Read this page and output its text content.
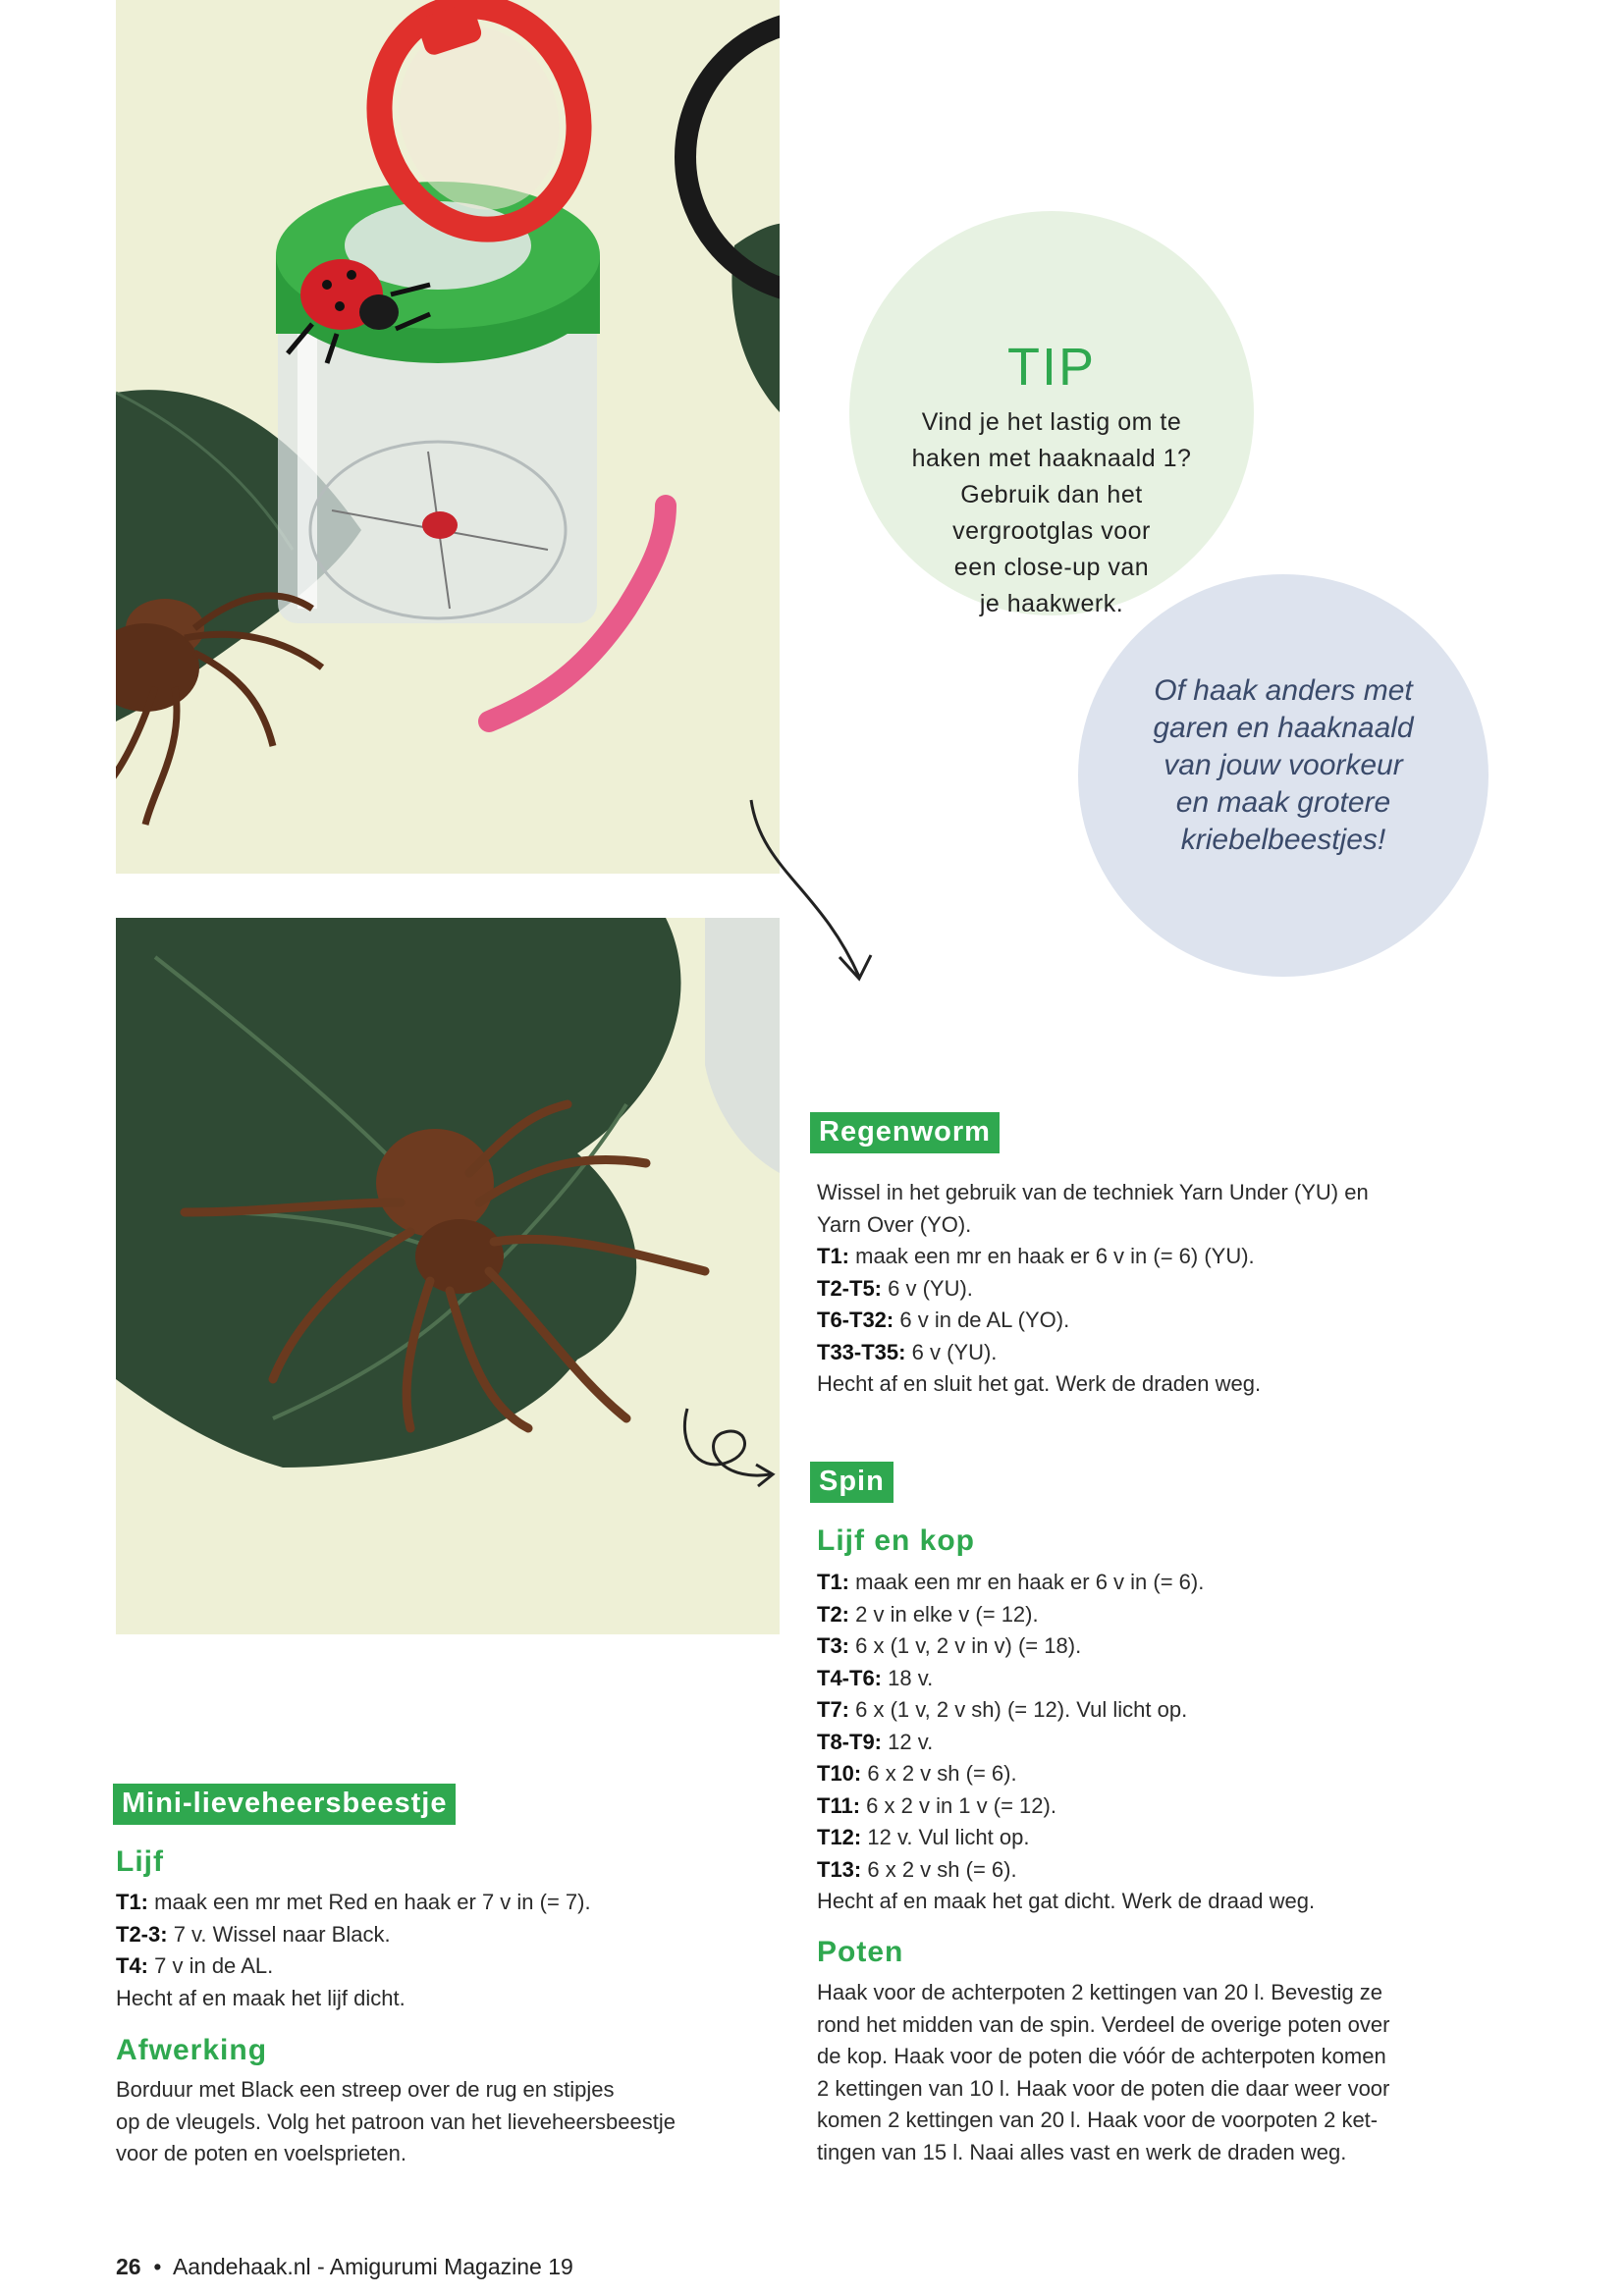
TIP
Vind je het lastig om te
haken met haaknaald 1?
Gebruik dan het
vergrootglas voor
een close-up van
je haakwerk.
Of haak anders met
garen en haaknaald
van jouw voorkeur
en maak grotere
kriebelbeestjes!
Regenworm
Wissel in het gebruik van de techniek Yarn Under (YU) en
Yarn Over (YO).
T1: maak een mr en haak er 6 v in (= 6) (YU).
T2-T5: 6 v (YU).
T6-T32: 6 v in de AL (YO).
T33-T35: 6 v (YU).
Hecht af en sluit het gat. Werk de draden weg.
Spin
Lijf en kop
T1: maak een mr en haak er 6 v in (= 6).
T2: 2 v in elke v (= 12).
T3: 6 x (1 v, 2 v in v) (= 18).
T4-T6: 18 v.
T7: 6 x (1 v, 2 v sh) (= 12). Vul licht op.
T8-T9: 12 v.
T10: 6 x 2 v sh (= 6).
T11: 6 x 2 v in 1 v (= 12).
T12: 12 v. Vul licht op.
T13: 6 x 2 v sh (= 6).
Hecht af en maak het gat dicht. Werk de draad weg.
Poten
Haak voor de achterpoten 2 kettingen van 20 l. Bevestig ze
rond het midden van de spin. Verdeel de overige poten over
de kop. Haak voor de poten die vóór de achterpoten komen
2 kettingen van 10 l. Haak voor de poten die daar weer voor
komen 2 kettingen van 20 l. Haak voor de voorpoten 2 ket-
tingen van 15 l. Naai alles vast en werk de draden weg.
Mini-lieveheersbeestje
Lijf
T1: maak een mr met Red en haak er 7 v in (= 7).
T2-3: 7 v. Wissel naar Black.
T4: 7 v in de AL.
Hecht af en maak het lijf dicht.
Afwerking
Borduur met Black een streep over de rug en stipjes
op de vleugels. Volg het patroon van het lieveheersbeestje
voor de poten en voelsprieten.
26 • Aandehaak.nl - Amigurumi Magazine 19
